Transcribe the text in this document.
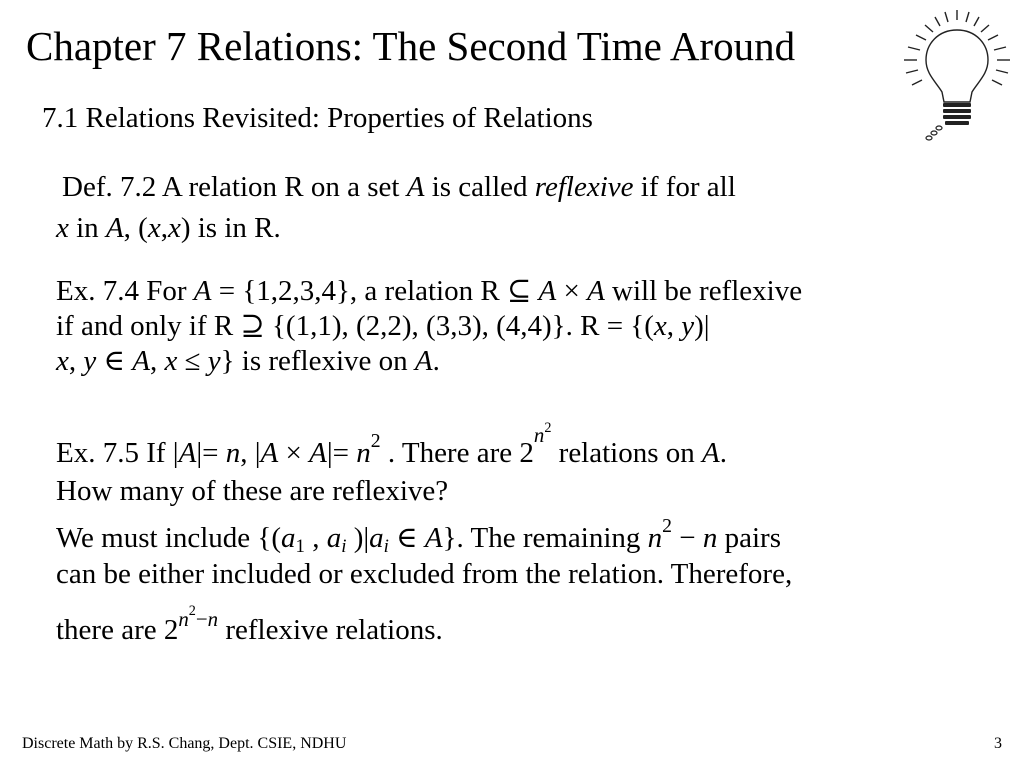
Chapter 7 Relations: The Second Time Around
7.1 Relations Revisited: Properties of Relations
Def. 7.2 A relation R on a set A is called reflexive if for all
x in A, (x,x) is in R.
Ex. 7.4 For A = {1,2,3,4}, a relation R ⊆ A × A will be reflexive
if and only if R ⊇ {(1,1), (2,2), (3,3), (4,4)}. R = {(x, y)|
x, y ∈ A, x ≤ y} is reflexive on A.
Ex. 7.5 If |A|= n, $|A \times A|= n^2$ . There are $2^{n^2}$ relations on A.
How many of these are reflexive?
We must include {($a_1$ , $a_i$ )$|a_i$ ∈ A}. The remaining $n^2 - n$ pairs
can be either included or excluded from the relation. Therefore,
there are $2^{n^2-n}$ reflexive relations.
Discrete Math by R.S. Chang, Dept. CSIE, NDHU	3
